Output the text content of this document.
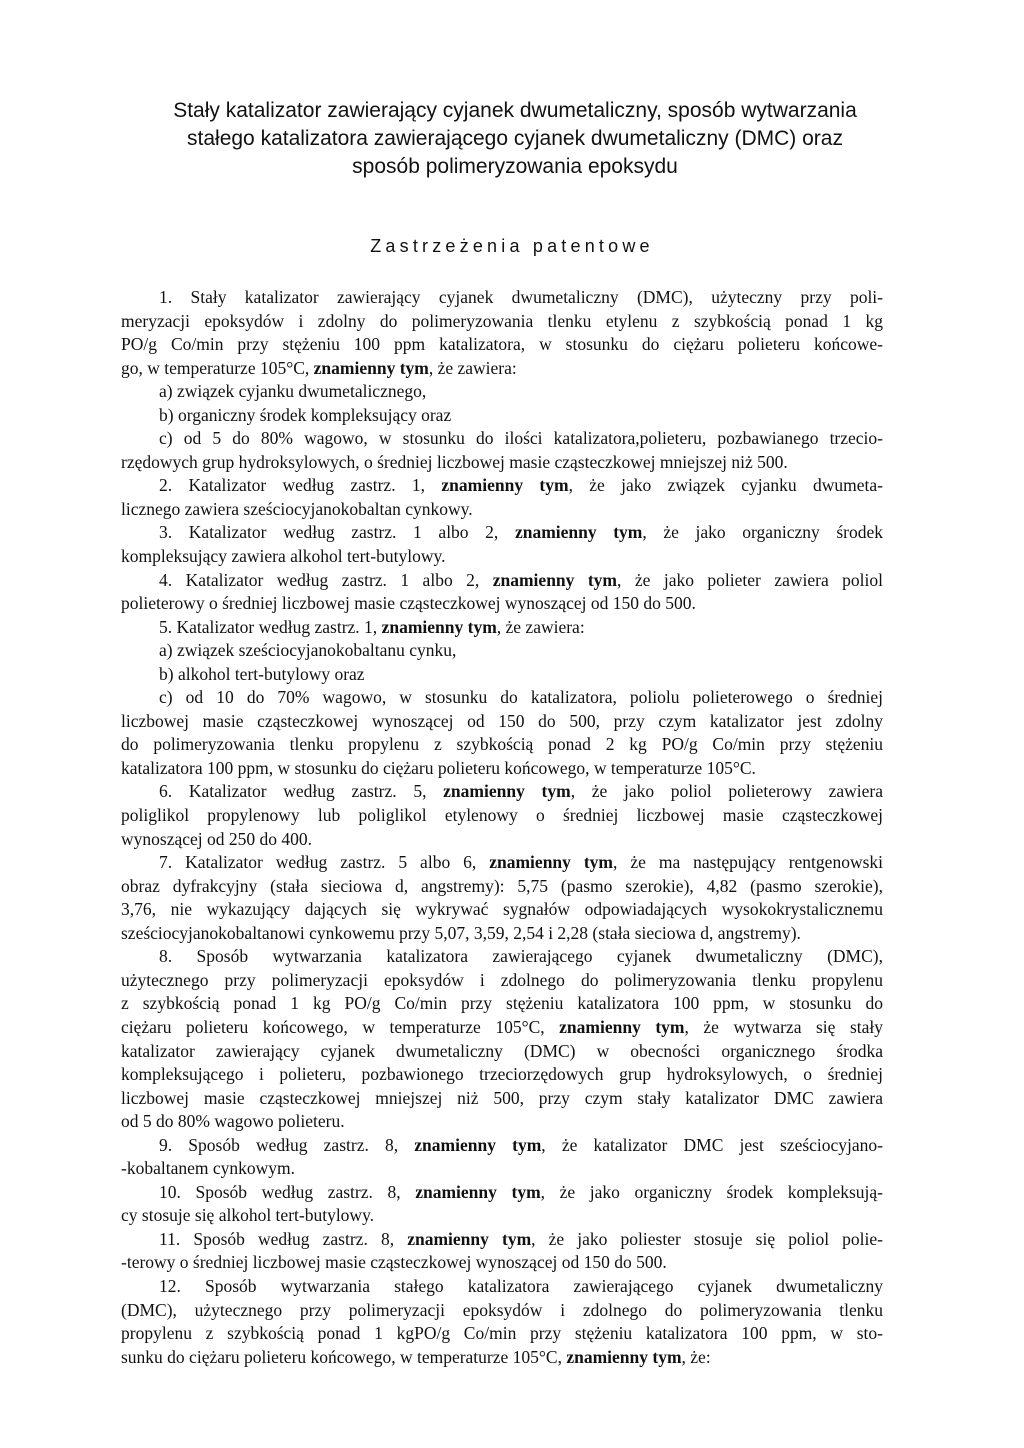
Stały katalizator zawierający cyjanek dwumetaliczny, sposób wytwarzania
stałego katalizatora zawierającego cyjanek dwumetaliczny (DMC) oraz
sposób polimeryzowania epoksydu
Zastrzeżenia patentowe
1. Stały katalizator zawierający cyjanek dwumetaliczny (DMC), użyteczny przy poli-
meryzacji epoksydów i zdolny do polimeryzowania tlenku etylenu z szybkością ponad 1 kg
PO/g Co/min przy stężeniu 100 ppm katalizatora, w stosunku do ciężaru polieteru końcowe-
go, w temperaturze 105°C, znamienny tym, że zawiera:
a) związek cyjanku dwumetalicznego,
b) organiczny środek kompleksujący oraz
c) od 5 do 80% wagowo, w stosunku do ilości katalizatora,polieteru, pozbawianego trzecio-
rzędowych grup hydroksylowych, o średniej liczbowej masie cząsteczkowej mniejszej niż 500.
2. Katalizator według zastrz. 1, znamienny tym, że jako związek cyjanku dwumeta-
licznego zawiera sześciocyjanokobaltan cynkowy.
3. Katalizator według zastrz. 1 albo 2, znamienny tym, że jako organiczny środek
kompleksujący zawiera alkohol tert-butylowy.
4. Katalizator według zastrz. 1 albo 2, znamienny tym, że jako polieter zawiera poliol
polieterowy o średniej liczbowej masie cząsteczkowej wynoszącej od 150 do 500.
5. Katalizator według zastrz. 1, znamienny tym, że zawiera:
a) związek sześciocyjanokobaltanu cynku,
b) alkohol tert-butylowy oraz
c) od 10 do 70% wagowo, w stosunku do katalizatora, poliolu polieterowego o średniej
liczbowej masie cząsteczkowej wynoszącej od 150 do 500, przy czym katalizator jest zdolny
do polimeryzowania tlenku propylenu z szybkością ponad 2 kg PO/g Co/min przy stężeniu
katalizatora 100 ppm, w stosunku do ciężaru polieteru końcowego, w temperaturze 105°C.
6. Katalizator według zastrz. 5, znamienny tym, że jako poliol polieterowy zawiera
poliglikol propylenowy lub poliglikol etylenowy o średniej liczbowej masie cząsteczkowej
wynoszącej od 250 do 400.
7. Katalizator według zastrz. 5 albo 6, znamienny tym, że ma następujący rentgenowski
obraz dyfrakcyjny (stała sieciowa d, angstremy): 5,75 (pasmo szerokie), 4,82 (pasmo szerokie),
3,76, nie wykazujący dających się wykrywać sygnałów odpowiadających wysokokrystalicznemu
sześciocyjanokobaltanowi cynkowemu przy 5,07, 3,59, 2,54 i 2,28 (stała sieciowa d, angstremy).
8. Sposób wytwarzania katalizatora zawierającego cyjanek dwumetaliczny (DMC),
użytecznego przy polimeryzacji epoksydów i zdolnego do polimeryzowania tlenku propylenu
z szybkością ponad 1 kg PO/g Co/min przy stężeniu katalizatora 100 ppm, w stosunku do
ciężaru polieteru końcowego, w temperaturze 105°C, znamienny tym, że wytwarza się stały
katalizator zawierający cyjanek dwumetaliczny (DMC) w obecności organicznego środka
kompleksującego i polieteru, pozbawionego trzeciorzędowych grup hydroksylowych, o średniej
liczbowej masie cząsteczkowej mniejszej niż 500, przy czym stały katalizator DMC zawiera
od 5 do 80% wagowo polieteru.
9. Sposób według zastrz. 8, znamienny tym, że katalizator DMC jest sześciocyjano-
-kobaltanem cynkowym.
10. Sposób według zastrz. 8, znamienny tym, że jako organiczny środek kompleksują-
cy stosuje się alkohol tert-butylowy.
11. Sposób według zastrz. 8, znamienny tym, że jako poliester stosuje się poliol polie-
-terowy o średniej liczbowej masie cząsteczkowej wynoszącej od 150 do 500.
12. Sposób wytwarzania stałego katalizatora zawierającego cyjanek dwumetaliczny
(DMC), użytecznego przy polimeryzacji epoksydów i zdolnego do polimeryzowania tlenku
propylenu z szybkością ponad 1 kgPO/g Co/min przy stężeniu katalizatora 100 ppm, w sto-
sunku do ciężaru polieteru końcowego, w temperaturze 105°C, znamienny tym, że:
